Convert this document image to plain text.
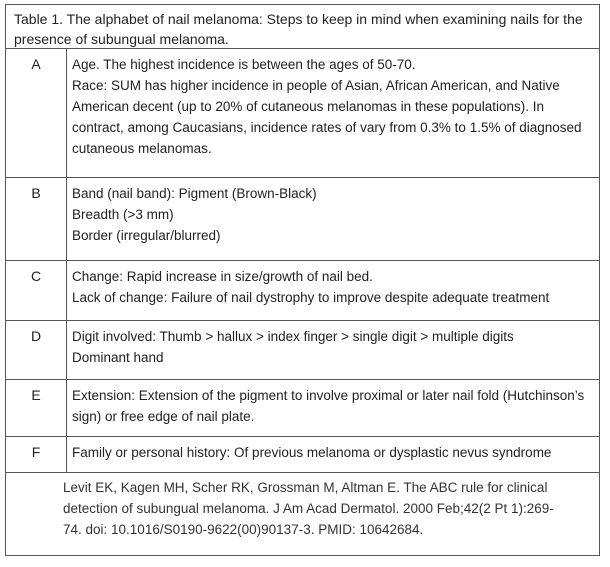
Table 1. The alphabet of nail melanoma: Steps to keep in mind when examining nails for the presence of subungual melanoma.
A	Age. The highest incidence is between the ages of 50-70.
Race: SUM has higher incidence in people of Asian, African American, and Native American decent (up to 20% of cutaneous melanomas in these populations). In contract, among Caucasians, incidence rates of vary from 0.3% to 1.5% of diagnosed cutaneous melanomas.
B	Band (nail band): Pigment (Brown-Black)
Breadth (>3 mm)
Border (irregular/blurred)
C	Change: Rapid increase in size/growth of nail bed.
Lack of change: Failure of nail dystrophy to improve despite adequate treatment
D	Digit involved: Thumb > hallux > index finger > single digit > multiple digits
Dominant hand
E	Extension: Extension of the pigment to involve proximal or later nail fold (Hutchinson’s sign) or free edge of nail plate.
F	Family or personal history: Of previous melanoma or dysplastic nevus syndrome
Levit EK, Kagen MH, Scher RK, Grossman M, Altman E. The ABC rule for clinical detection of subungual melanoma. J Am Acad Dermatol. 2000 Feb;42(2 Pt 1):269-74. doi: 10.1016/S0190-9622(00)90137-3. PMID: 10642684.
